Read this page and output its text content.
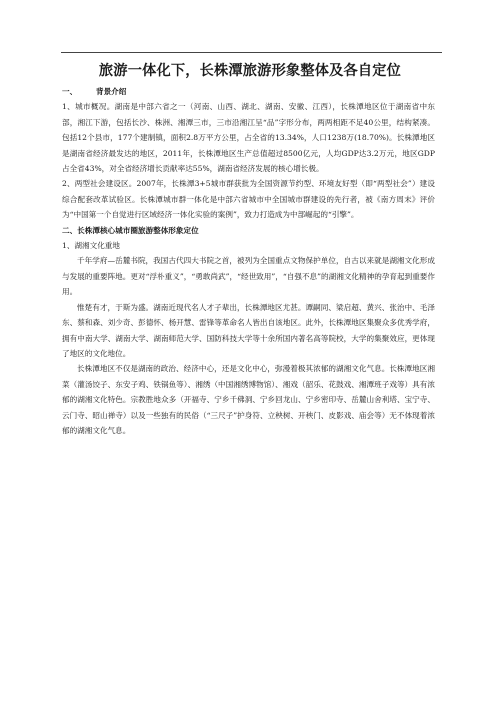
旅游一体化下，长株潭旅游形象整体及各自定位

一、 背景介绍

1、城市概况。湖南是中部六省之一（河南、山西、湖北、湖南、安徽、江西），长株潭地区位于湖南省中东部，湘江下游，包括长沙、株洲、湘潭三市，三市沿湘江呈“品”字形分布，两两相距不足40公里，结构紧凑。包括12个县市，177个建制镇，面积2.8万平方公里，占全省的13.34%，人口1238万(18.70%)。长株潭地区是湖南省经济最发达的地区，2011年，长株潭地区生产总值超过8500亿元，人均GDP达3.2万元，地区GDP占全省43%，对全省经济增长贡献率达55%，湖南省经济发展的核心增长极。

2、两型社会建设区。2007年，长株潭3+5城市群获批为全国资源节约型、环境友好型（即“两型社会”）建设综合配套改革试验区。长株潭城市群一体化是中部六省城市中全国城市群建设的先行者，被《南方周末》评价为“中国第一个自觉进行区域经济一体化实验的案例”，致力打造成为中部崛起的“引擎”。

二、长株潭核心城市圈旅游整体形象定位

1、湖湘文化重地

千年学府—岳麓书院，我国古代四大书院之首，被列为全国重点文物保护单位，自古以来就是湖湘文化形成与发展的重要阵地。更对“浮朴重义”，“勇敢尚武”，“经世致用”，“自强不息”的湖湘文化精神的孕育起到重要作用。

惟楚有才，于斯为盛。湖南近现代名人才子辈出，长株潭地区尤甚。谭嗣同、梁启超、黄兴、张治中、毛泽东、蔡和森、刘少奇、彭德怀、杨开慧、雷锋等革命名人皆出自该地区。此外，长株潭地区集聚众多优秀学府，拥有中南大学、湖南大学、湖南师范大学、国防科技大学等十余所国内著名高等院校，大学的集聚效应，更体现了地区的文化地位。

长株潭地区不仅是湖南的政治、经济中心，还是文化中心，弥漫着极其浓郁的湖湘文化气息。长株潭地区湘菜（灌汤饺子、东安子鸡、铁锅鱼等）、湘绣（中国湘绣博物馆）、湘戏（韶乐、花鼓戏、湘潭班子戏等）具有浓郁的湖湘文化特色。宗教胜地众多（开福寺、宁乡千佛洞、宁乡回龙山、宁乡密印寺、岳麓山舍利塔、宝宁寺、云门寺、昭山禅寺）以及一些独有的民俗（“三尺子”护身符、立秧树、开秧门、皮影戏、庙会等）无不体现着浓郁的湖湘文化气息。
